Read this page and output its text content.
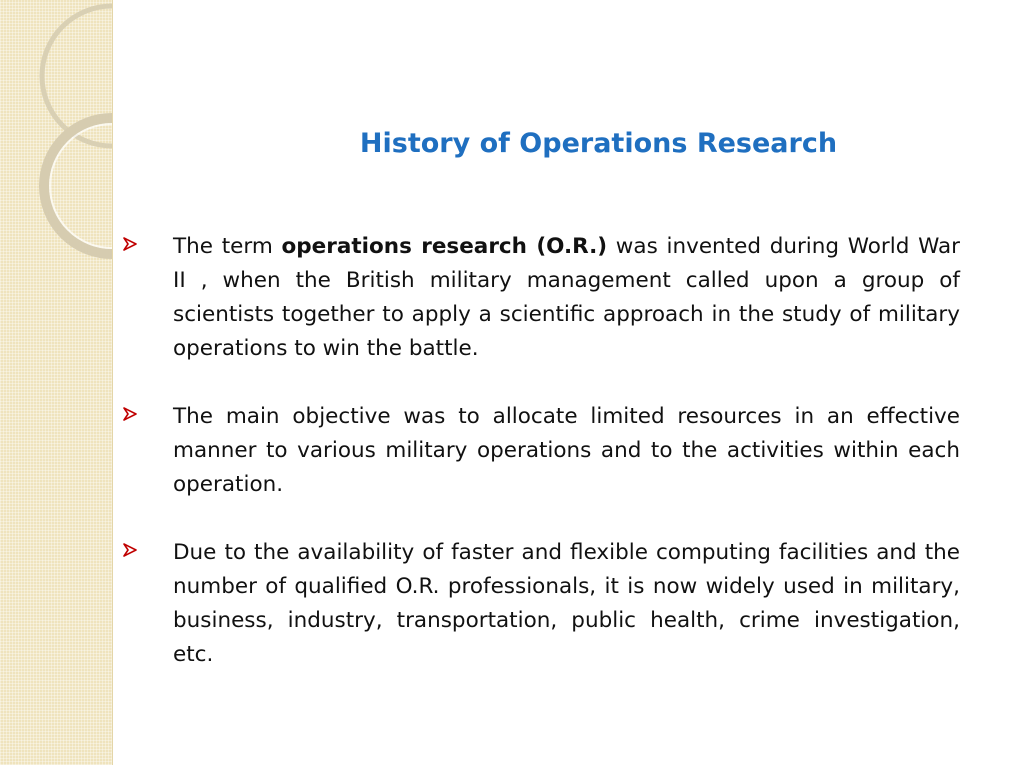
History of Operations Research
The term operations research (O.R.) was invented during World War II , when the British military management called upon a group of scientists together to apply a scientific approach in the study of military operations to win the battle.
The main objective was to allocate limited resources in an effective manner to various military operations and to the activities within each operation.
Due to the availability of faster and flexible computing facilities and the number of qualified O.R. professionals, it is now widely used in military, business, industry, transportation, public health, crime investigation, etc.
